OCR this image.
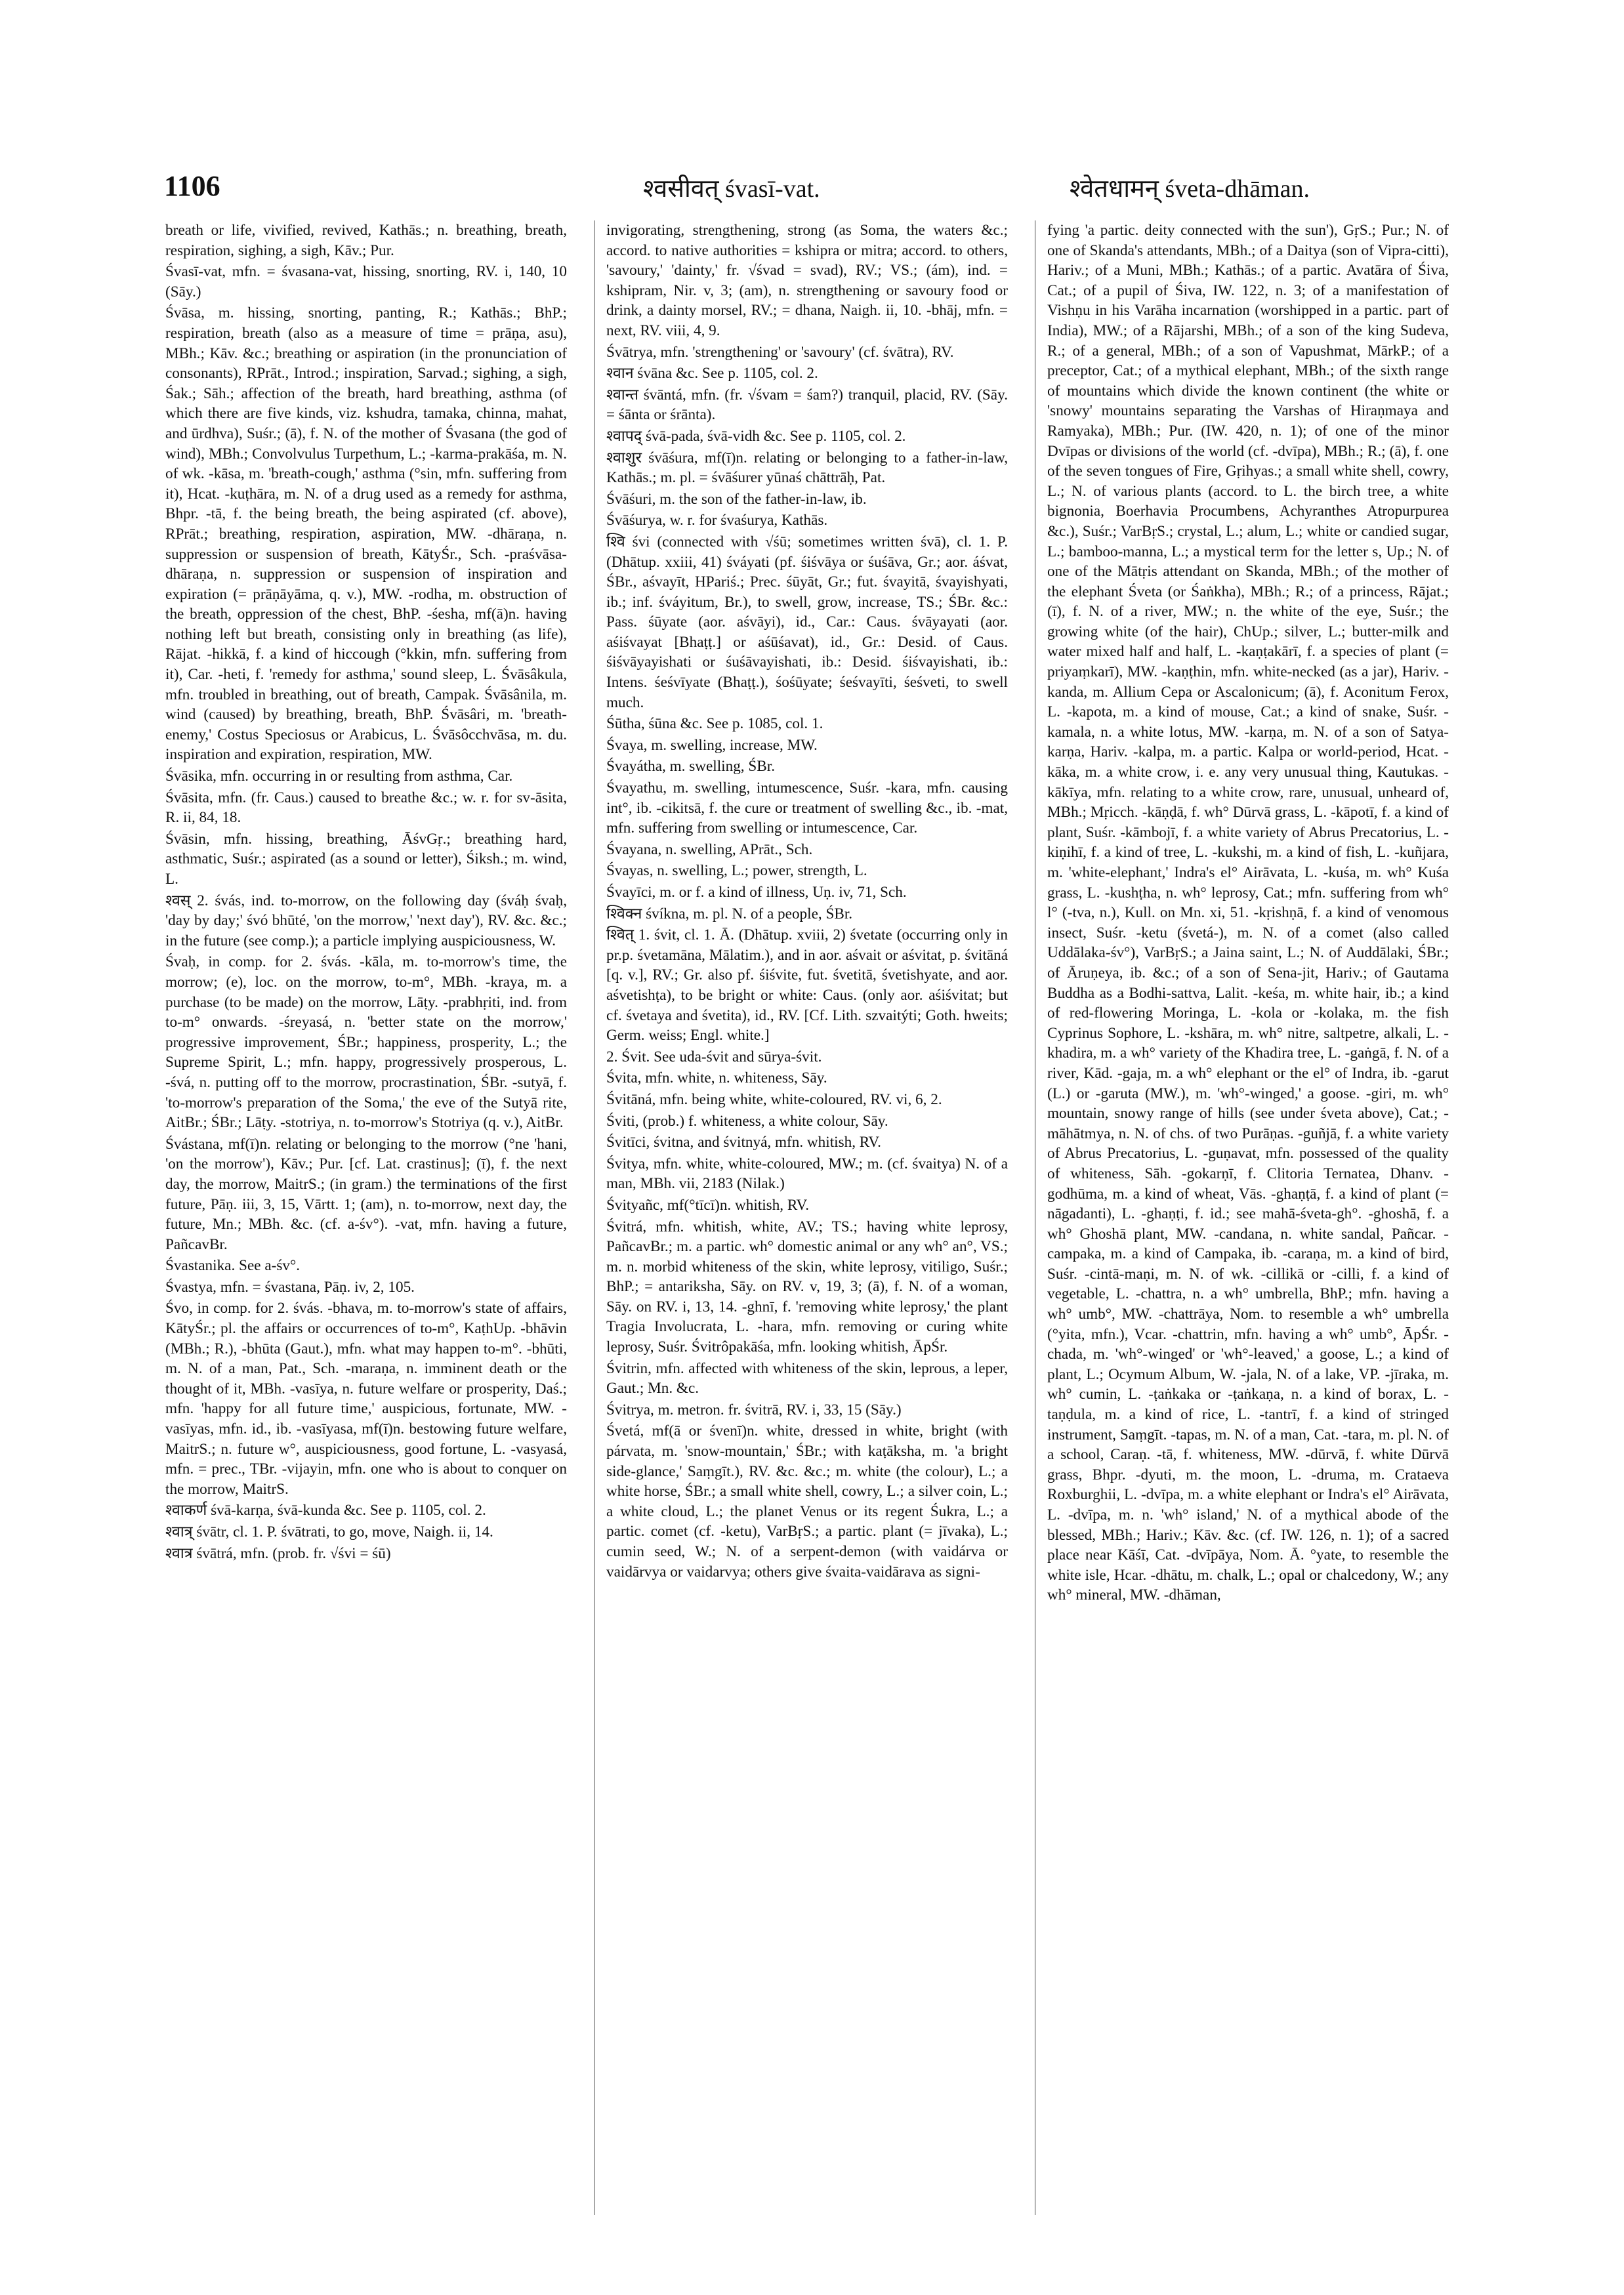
1106	श्वसीवत् śvasī-vat.	श्वेतधामन् śveta-dhāman.

breath or life, vivified, revived, Kathās.; n. breathing, breath, respiration, sighing, a sigh, Kāv.; Pur.

Śvasī-vat, mfn. = śvasana-vat, hissing, snorting, RV. i, 140, 10 (Sāy.)

Śvāsa, m. hissing, snorting, panting, R.; Kathās.; BhP.; respiration, breath (also as a measure of time = prāṇa, asu), MBh.; Kāv. &c.; breathing or aspiration (in the pronunciation of consonants), RPrāt., Introd.; inspiration, Sarvad.; sighing, a sigh, Śak.; Sāh.; affection of the breath, hard breathing, asthma (of which there are five kinds, viz. kshudra, tamaka, chinna, mahat, and ūrdhva), Suśr.; (ā), f. N. of the mother of Śvasana (the god of wind), MBh.; Convolvulus Turpethum, L.; -karma-prakāśa, m. N. of wk. -kāsa, m. 'breath-cough,' asthma (°sin, mfn. suffering from it), Hcat. -kuṭhāra, m. N. of a drug used as a remedy for asthma, Bhpr. -tā, f. the being breath, the being aspirated (cf. above), RPrāt.; breathing, respiration, aspiration, MW. -dhāraṇa, n. suppression or suspension of breath, KātyŚr., Sch. -praśvāsa-dhāraṇa, n. suppression or suspension of inspiration and expiration (= prāṇāyāma, q. v.), MW. -rodha, m. obstruction of the breath, oppression of the chest, BhP. -śesha, mf(ā)n. having nothing left but breath, consisting only in breathing (as life), Rājat. -hikkā, f. a kind of hiccough (°kkin, mfn. suffering from it), Car. -heti, f. 'remedy for asthma,' sound sleep, L. Śvāsâkula, mfn. troubled in breathing, out of breath, Campak. Śvāsânila, m. wind (caused) by breathing, breath, BhP. Śvāsâri, m. 'breath-enemy,' Costus Speciosus or Arabicus, L. Śvāsôcchvāsa, m. du. inspiration and expiration, respiration, MW.

Śvāsika, mfn. occurring in or resulting from asthma, Car.

Śvāsita, mfn. (fr. Caus.) caused to breathe &c.; w. r. for sv-āsita, R. ii, 84, 18.

Śvāsin, mfn. hissing, breathing, ĀśvGṛ.; breathing hard, asthmatic, Suśr.; aspirated (as a sound or letter), Śiksh.; m. wind, L.

श्वस् 2. śvás, ind. to-morrow, on the following day (śváḥ śvaḥ, 'day by day;' śvó bhūté, 'on the morrow,' 'next day'), RV. &c. &c.; in the future (see comp.); a particle implying auspiciousness, W.

Śvaḥ, in comp. for 2. śvás. -kāla, m. to-morrow's time, the morrow; (e), loc. on the morrow, to-m°, MBh. -kraya, m. a purchase (to be made) on the morrow, Lāṭy. -prabhṛiti, ind. from to-m° onwards. -śreyasá, n. 'better state on the morrow,' progressive improvement, ŚBr.; happiness, prosperity, L.; the Supreme Spirit, L.; mfn. happy, progressively prosperous, L. -śvá, n. putting off to the morrow, procrastination, ŚBr. -sutyā, f. 'to-morrow's preparation of the Soma,' the eve of the Sutyā rite, AitBr.; ŚBr.; Lāṭy. -stotriya, n. to-morrow's Stotriya (q. v.), AitBr.

Śvástana, mf(ī)n. relating or belonging to the morrow (°ne 'hani, 'on the morrow'), Kāv.; Pur. [cf. Lat. crastinus]; (ī), f. the next day, the morrow, MaitrS.; (in gram.) the terminations of the first future, Pāṇ. iii, 3, 15, Vārtt. 1; (am), n. to-morrow, next day, the future, Mn.; MBh. &c. (cf. a-śv°). -vat, mfn. having a future, PañcavBr.

Śvastanika. See a-śv°.

Śvastya, mfn. = śvastana, Pāṇ. iv, 2, 105.

Śvo, in comp. for 2. śvás. -bhava, m. to-morrow's state of affairs, KātyŚr.; pl. the affairs or occurrences of to-m°, KaṭhUp. -bhāvin (MBh.; R.), -bhūta (Gaut.), mfn. what may happen to-m°. -bhūti, m. N. of a man, Pat., Sch. -maraṇa, n. imminent death or the thought of it, MBh. -vasīya, n. future welfare or prosperity, Daś.; mfn. 'happy for all future time,' auspicious, fortunate, MW. -vasīyas, mfn. id., ib. -vasīyasa, mf(ī)n. bestowing future welfare, MaitrS.; n. future w°, auspiciousness, good fortune, L. -vasyasá, mfn. = prec., TBr. -vijayin, mfn. one who is about to conquer on the morrow, MaitrS.

श्वाकर्ण śvā-karṇa, śvā-kunda &c. See p. 1105, col. 2.

श्वात्र् śvātr, cl. 1. P. śvātrati, to go, move, Naigh. ii, 14.

श्वात्र śvātrá, mfn. (prob. fr. √śvi = śū)

invigorating, strengthening, strong (as Soma, the waters &c.; accord. to native authorities = kshipra or mitra; accord. to others, 'savoury,' 'dainty,' fr. √śvad = svad), RV.; VS.; (ám), ind. = kshipram, Nir. v, 3; (am), n. strengthening or savoury food or drink, a dainty morsel, RV.; = dhana, Naigh. ii, 10. -bhāj, mfn. = next, RV. viii, 4, 9.

Śvātrya, mfn. 'strengthening' or 'savoury' (cf. śvātra), RV.

श्वान śvāna &c. See p. 1105, col. 2.

श्वान्त śvāntá, mfn. (fr. √śvam = śam?) tranquil, placid, RV. (Sāy. = śānta or śrānta).

श्वापद् śvā-pada, śvā-vidh &c. See p. 1105, col. 2.

श्वाशुर śvāśura, mf(ī)n. relating or belonging to a father-in-law, Kathās.; m. pl. = śvāśurer yūnaś chāttrāḥ, Pat.

Śvāśuri, m. the son of the father-in-law, ib.

Śvāśurya, w. r. for śvaśurya, Kathās.

श्वि śvi (connected with √śū; sometimes written śvā), cl. 1. P. (Dhātup. xxiii, 41) śváyati (pf. śiśvāya or śuśāva, Gr.; aor. áśvat, ŚBr., aśvayīt, HPariś.; Prec. śūyāt, Gr.; fut. śvayitā, śvayishyati, ib.; inf. śváyitum, Br.), to swell, grow, increase, TS.; ŚBr. &c.: Pass. śūyate (aor. aśvāyi), id., Car.: Caus. śvāyayati (aor. aśiśvayat [Bhaṭṭ.] or aśūśavat), id., Gr.: Desid. of Caus. śiśvāyayishati or śuśāvayishati, ib.: Desid. śiśvayishati, ib.: Intens. śeśvīyate (Bhaṭṭ.), śośūyate; śeśvayīti, śeśveti, to swell much.

Śūtha, śūna &c. See p. 1085, col. 1.

Śvaya, m. swelling, increase, MW.

Śvayátha, m. swelling, ŚBr.

Śvayathu, m. swelling, intumescence, Suśr. -kara, mfn. causing int°, ib. -cikitsā, f. the cure or treatment of swelling &c., ib. -mat, mfn. suffering from swelling or intumescence, Car.

Śvayana, n. swelling, APrāt., Sch.

Śvayas, n. swelling, L.; power, strength, L.

Śvayīci, m. or f. a kind of illness, Uṇ. iv, 71, Sch.

श्विक्न śvíkna, m. pl. N. of a people, ŚBr.

श्वित् 1. śvit, cl. 1. Ā. (Dhātup. xviii, 2) śvetate (occurring only in pr.p. śvetamāna, Mālatim.), and in aor. aśvait or aśvitat, p. śvitāná [q. v.], RV.; Gr. also pf. śiśvite, fut. śvetitā, śvetishyate, and aor. aśvetishṭa), to be bright or white: Caus. (only aor. aśiśvitat; but cf. śvetaya and śvetita), id., RV. [Cf. Lith. szvaitýti; Goth. hweits; Germ. weiss; Engl. white.]

2. Śvit. See uda-śvit and sūrya-śvit.

Śvita, mfn. white, n. whiteness, Sāy.

Śvitāná, mfn. being white, white-coloured, RV. vi, 6, 2.

Śviti, (prob.) f. whiteness, a white colour, Sāy.

Śvitīci, śvitna, and śvitnyá, mfn. whitish, RV.

Śvitya, mfn. white, white-coloured, MW.; m. (cf. śvaitya) N. of a man, MBh. vii, 2183 (Nilak.)

Śvityañc, mf(°tīcī)n. whitish, RV.

Śvitrá, mfn. whitish, white, AV.; TS.; having white leprosy, PañcavBr.; m. a partic. wh° domestic animal or any wh° an°, VS.; m. n. morbid whiteness of the skin, white leprosy, vitiligo, Suśr.; BhP.; = antariksha, Sāy. on RV. v, 19, 3; (ā), f. N. of a woman, Sāy. on RV. i, 13, 14. -ghnī, f. 'removing white leprosy,' the plant Tragia Involucrata, L. -hara, mfn. removing or curing white leprosy, Suśr. Śvitrôpakāśa, mfn. looking whitish, ĀpŚr.

Śvitrin, mfn. affected with whiteness of the skin, leprous, a leper, Gaut.; Mn. &c.

Śvitrya, m. metron. fr. śvitrā, RV. i, 33, 15 (Sāy.)

Śvetá, mf(ā or śvenī)n. white, dressed in white, bright (with párvata, m. 'snow-mountain,' ŚBr.; with kaṭāksha, m. 'a bright side-glance,' Saṃgīt.), RV. &c. &c.; m. white (the colour), L.; a white horse, ŚBr.; a small white shell, cowry, L.; a silver coin, L.; a white cloud, L.; the planet Venus or its regent Śukra, L.; a partic. comet (cf. -ketu), VarBṛS.; a partic. plant (= jīvaka), L.; cumin seed, W.; N. of a serpent-demon (with vaidárva or vaidārvya or vaidarvya; others give śvaita-vaidārava as signi-

fying 'a partic. deity connected with the sun'), GṛS.; Pur.; N. of one of Skanda's attendants, MBh.; of a Daitya (son of Vipra-citti), Hariv.; of a Muni, MBh.; Kathās.; of a partic. Avatāra of Śiva, Cat.; of a pupil of Śiva, IW. 122, n. 3; of a manifestation of Vishṇu in his Varāha incarnation (worshipped in a partic. part of India), MW.; of a Rājarshi, MBh.; of a son of the king Sudeva, R.; of a general, MBh.; of a son of Vapushmat, MārkP.; of a preceptor, Cat.; of a mythical elephant, MBh.; of the sixth range of mountains which divide the known continent (the white or 'snowy' mountains separating the Varshas of Hiraṇmaya and Ramyaka), MBh.; Pur. (IW. 420, n. 1); of one of the minor Dvīpas or divisions of the world (cf. -dvīpa), MBh.; R.; (ā), f. one of the seven tongues of Fire, Gṛihyas.; a small white shell, cowry, L.; N. of various plants (accord. to L. the birch tree, a white bignonia, Boerhavia Procumbens, Achyranthes Atropurpurea &c.), Suśr.; VarBṛS.; crystal, L.; alum, L.; white or candied sugar, L.; bamboo-manna, L.; a mystical term for the letter s, Up.; N. of one of the Mātṛis attendant on Skanda, MBh.; of the mother of the elephant Śveta (or Śaṅkha), MBh.; R.; of a princess, Rājat.; (ī), f. N. of a river, MW.; n. the white of the eye, Suśr.; the growing white (of the hair), ChUp.; silver, L.; butter-milk and water mixed half and half, L. -kaṇṭakārī, f. a species of plant (= priyaṃkarī), MW. -kaṇṭhin, mfn. white-necked (as a jar), Hariv. -kanda, m. Allium Cepa or Ascalonicum; (ā), f. Aconitum Ferox, L. -kapota, m. a kind of mouse, Cat.; a kind of snake, Suśr. -kamala, n. a white lotus, MW. -karṇa, m. N. of a son of Satya-karṇa, Hariv. -kalpa, m. a partic. Kalpa or world-period, Hcat. -kāka, m. a white crow, i. e. any very unusual thing, Kautukas. -kākīya, mfn. relating to a white crow, rare, unusual, unheard of, MBh.; Mṛicch. -kāṇḍā, f. wh° Dūrvā grass, L. -kāpotī, f. a kind of plant, Suśr. -kāmbojī, f. a white variety of Abrus Precatorius, L. -kiṇihī, f. a kind of tree, L. -kukshi, m. a kind of fish, L. -kuñjara, m. 'white-elephant,' Indra's el° Airāvata, L. -kuśa, m. wh° Kuśa grass, L. -kushṭha, n. wh° leprosy, Cat.; mfn. suffering from wh° l° (-tva, n.), Kull. on Mn. xi, 51. -kṛishṇā, f. a kind of venomous insect, Suśr. -ketu (śvetá-), m. N. of a comet (also called Uddālaka-śv°), VarBṛS.; a Jaina saint, L.; N. of Auddālaki, ŚBr.; of Āruṇeya, ib. &c.; of a son of Sena-jit, Hariv.; of Gautama Buddha as a Bodhi-sattva, Lalit. -keśa, m. white hair, ib.; a kind of red-flowering Moringa, L. -kola or -kolaka, m. the fish Cyprinus Sophore, L. -kshāra, m. wh° nitre, saltpetre, alkali, L. -khadira, m. a wh° variety of the Khadira tree, L. -gaṅgā, f. N. of a river, Kād. -gaja, m. a wh° elephant or the el° of Indra, ib. -garut (L.) or -garuta (MW.), m. 'wh°-winged,' a goose. -giri, m. wh° mountain, snowy range of hills (see under śveta above), Cat.; -māhātmya, n. N. of chs. of two Purāṇas. -guñjā, f. a white variety of Abrus Precatorius, L. -guṇavat, mfn. possessed of the quality of whiteness, Sāh. -gokarṇī, f. Clitoria Ternatea, Dhanv. -godhūma, m. a kind of wheat, Vās. -ghaṇṭā, f. a kind of plant (= nāgadanti), L. -ghaṇṭi, f. id.; see mahā-śveta-gh°. -ghoshā, f. a wh° Ghoshā plant, MW. -candana, n. white sandal, Pañcar. -campaka, m. a kind of Campaka, ib. -caraṇa, m. a kind of bird, Suśr. -cintā-maṇi, m. N. of wk. -cillikā or -cilli, f. a kind of vegetable, L. -chattra, n. a wh° umbrella, BhP.; mfn. having a wh° umb°, MW. -chattrāya, Nom. to resemble a wh° umbrella (°yita, mfn.), Vcar. -chattrin, mfn. having a wh° umb°, ĀpŚr. -chada, m. 'wh°-winged' or 'wh°-leaved,' a goose, L.; a kind of plant, L.; Ocymum Album, W. -jala, N. of a lake, VP. -jīraka, m. wh° cumin, L. -ṭaṅkaka or -ṭaṅkaṇa, n. a kind of borax, L. -taṇḍula, m. a kind of rice, L. -tantrī, f. a kind of stringed instrument, Saṃgīt. -tapas, m. N. of a man, Cat. -tara, m. pl. N. of a school, Caraṇ. -tā, f. whiteness, MW. -dūrvā, f. white Dūrvā grass, Bhpr. -dyuti, m. the moon, L. -druma, m. Crataeva Roxburghii, L. -dvīpa, m. a white elephant or Indra's el° Airāvata, L. -dvīpa, m. n. 'wh° island,' N. of a mythical abode of the blessed, MBh.; Hariv.; Kāv. &c. (cf. IW. 126, n. 1); of a sacred place near Kāśī, Cat. -dvīpāya, Nom. Ā. °yate, to resemble the white isle, Hcar. -dhātu, m. chalk, L.; opal or chalcedony, W.; any wh° mineral, MW. -dhāman,
